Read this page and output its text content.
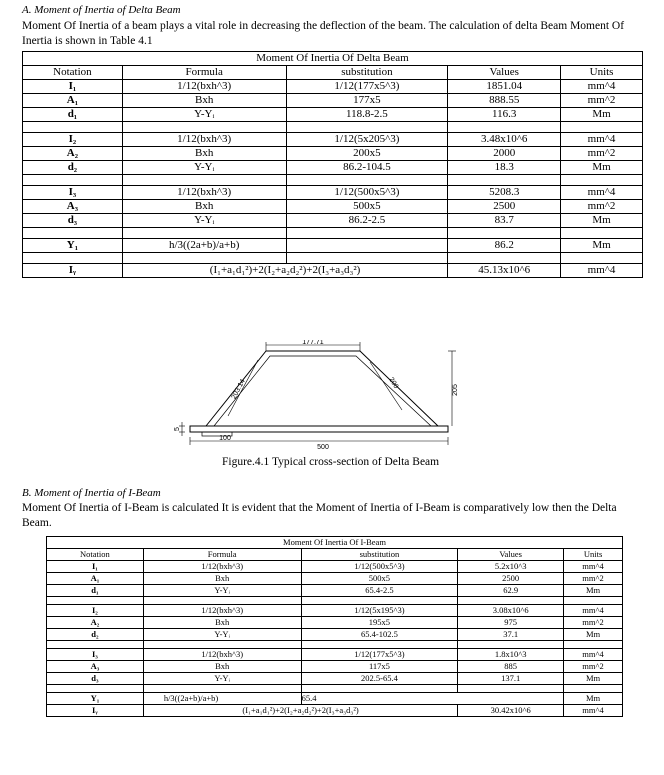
A. Moment of Inertia of Delta Beam
Moment Of Inertia of a beam plays a vital role in decreasing the deflection of the beam. The calculation of delta Beam Moment Of Inertia is shown in Table 4.1
Moment Of Inertia Of Delta Beam				
Notation	Formula	substitution	Values	Units
I₁	1/12(bxh^3)	1/12(177x5^3)	1851.04	mm^4
A₁	Bxh	177x5	888.55	mm^2
d₁	Y-Yᵢ	118.8-2.5	116.3	Mm

I₂	1/12(bxh^3)	1/12(5x205^3)	3.48x10^6	mm^4
A₂	Bxh	200x5	2000	mm^2
d₂	Y-Yᵢ	86.2-104.5	18.3	Mm

I₃	1/12(bxh^3)	1/12(500x5^3)	5208.3	mm^4
A₃	Bxh	500x5	2500	mm^2
d₃	Y-Yᵢ	86.2-2.5	83.7	Mm

Y₁	h/3((2a+b)/a+b)		86.2	Mm

Iᵧ	(I₁+a₁d₁²)+2(I₂+a₂d₂²)+2(I₃+a₃d₃²)		45.13x10^6	mm^4
177.71
203.14	200	205
5
100
500
Figure.4.1 Typical cross-section of Delta Beam
B. Moment of Inertia of I-Beam
Moment Of Inertia of I-Beam is calculated It is evident that the Moment of Inertia of I-Beam is comparatively low then the Delta Beam.
Moment Of Inertia Of I-Beam				
Notation	Formula	substitution	Values	Units
I₁	1/12(bxh^3)	1/12(500x5^3)	5.2x10^3	mm^4
A₁	Bxh	500x5	2500	mm^2
d₁	Y-Yᵢ	65.4-2.5	62.9	Mm

I₂	1/12(bxh^3)	1/12(5x195^3)	3.08x10^6	mm^4
A₂	Bxh	195x5	975	mm^2
d₂	Y-Yᵢ	65.4-102.5	37.1	Mm

I₃	1/12(bxh^3)	1/12(177x5^3)	1.8x10^3	mm^4
A₃	Bxh	117x5	885	mm^2
d₃	Y-Yᵢ	202.5-65.4	137.1	Mm

Y₁	h/3((2a+b)/a+b)	65.4		Mm
Iᵧ	(I₁+a₁d₁²)+2(I₂+a₂d₂²)+2(I₃+a₃d₃²)		30.42x10^6	mm^4
